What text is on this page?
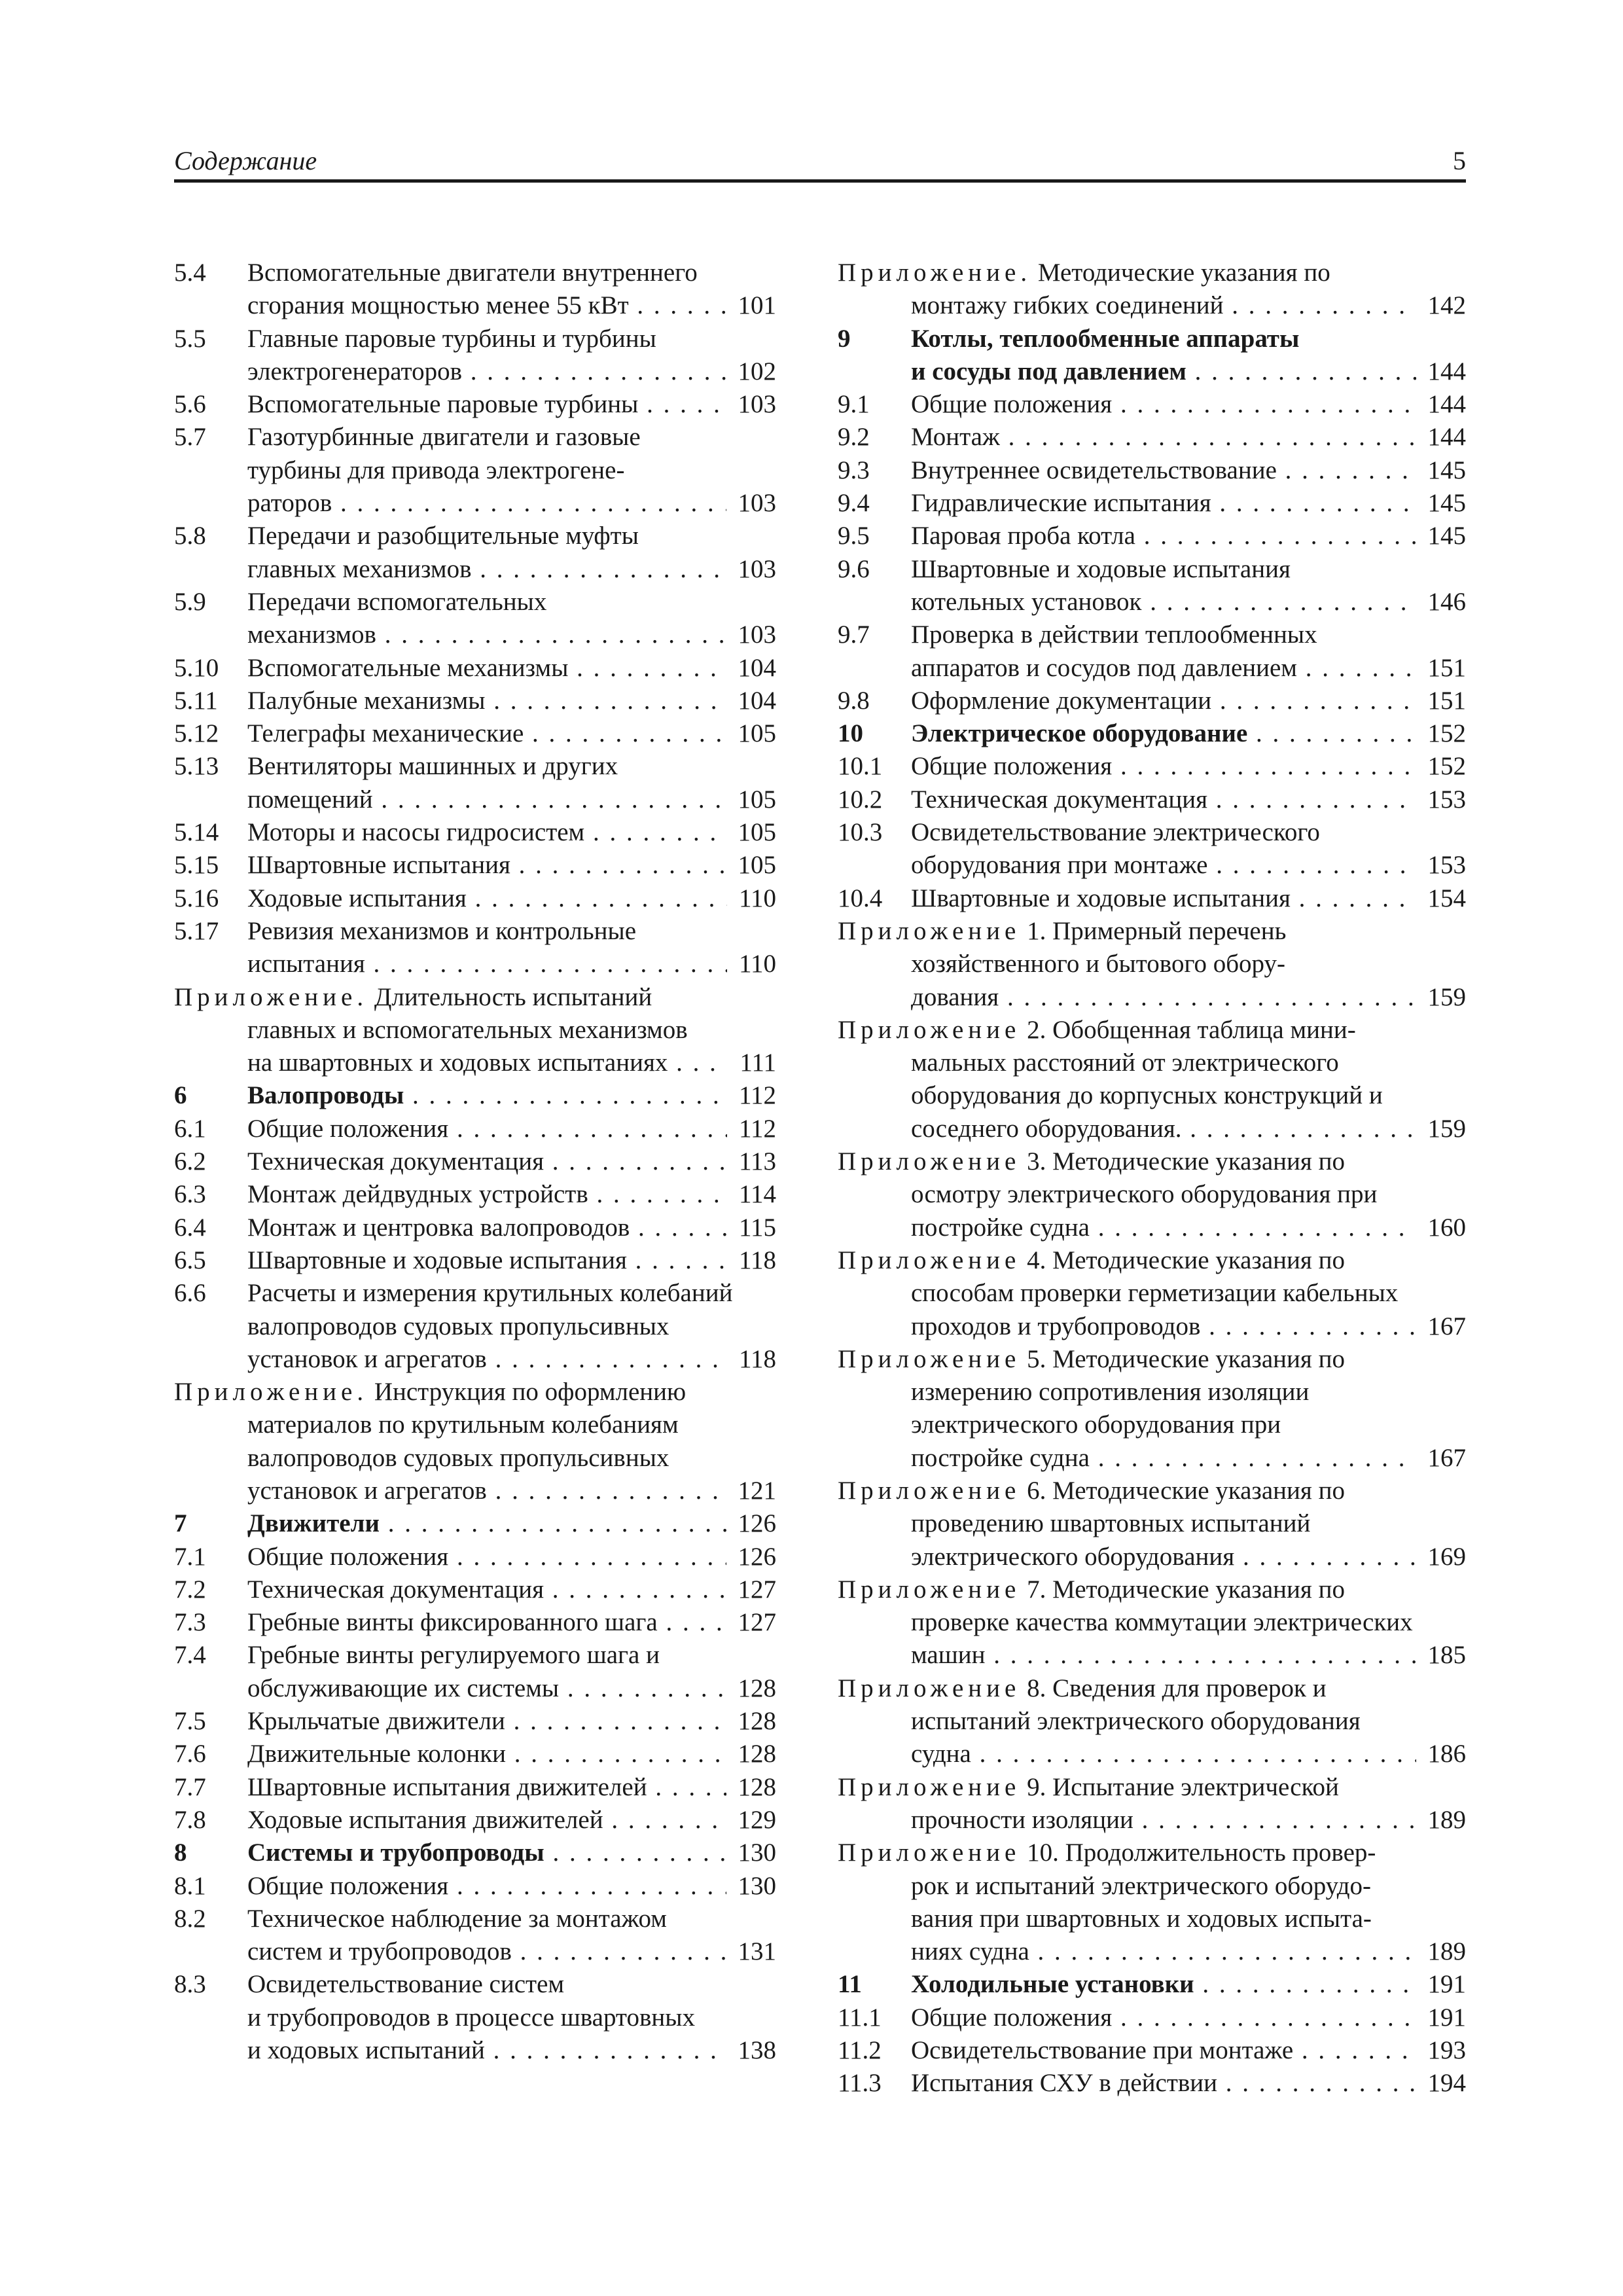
Содержание	5
5.4 Вспомогательные двигатели внутреннего
сгорания мощностью менее 55 кВт . . .	101
5.5 Главные паровые турбины и турбины
электрогенераторов . . .	102
5.6 Вспомогательные паровые турбины . . .	103
5.7 Газотурбинные двигатели и газовые
турбины для привода электрогене-
раторов . . .	103
5.8 Передачи и разобщительные муфты
главных механизмов . . .	103
5.9 Передачи вспомогательных
механизмов . . .	103
5.10 Вспомогательные механизмы . . .	104
5.11 Палубные механизмы . . .	104
5.12 Телеграфы механические . . .	105
5.13 Вентиляторы машинных и других
помещений . . .	105
5.14 Моторы и насосы гидросистем . . .	105
5.15 Швартовные испытания . . .	105
5.16 Ходовые испытания . . .	110
5.17 Ревизия механизмов и контрольные
испытания . . .	110
Приложение. Длительность испытаний
главных и вспомогательных механизмов
на швартовных и ходовых испытаниях . . .	111
6 Валопроводы . . .	112
6.1 Общие положения . . .	112
6.2 Техническая документация . . .	113
6.3 Монтаж дейдвудных устройств . . .	114
6.4 Монтаж и центровка валопроводов . . .	115
6.5 Швартовные и ходовые испытания . . .	118
6.6 Расчеты и измерения крутильных колебаний
валопроводов судовых пропульсивных
установок и агрегатов . . .	118
Приложение. Инструкция по оформлению
материалов по крутильным колебаниям
валопроводов судовых пропульсивных
установок и агрегатов . . .	121
7 Движители . . .	126
7.1 Общие положения . . .	126
7.2 Техническая документация . . .	127
7.3 Гребные винты фиксированного шага . . .	127
7.4 Гребные винты регулируемого шага и
обслуживающие их системы . . .	128
7.5 Крыльчатые движители . . .	128
7.6 Движительные колонки . . .	128
7.7 Швартовные испытания движителей . . .	128
7.8 Ходовые испытания движителей . . .	129
8 Системы и трубопроводы . . .	130
8.1 Общие положения . . .	130
8.2 Техническое наблюдение за монтажом
систем и трубопроводов . . .	131
8.3 Освидетельствование систем
и трубопроводов в процессе швартовных
и ходовых испытаний . . .	138
Приложение. Методические указания по
монтажу гибких соединений . . .	142
9 Котлы, теплообменные аппараты
и сосуды под давлением . . .	144
9.1 Общие положения . . .	144
9.2 Монтаж . . .	144
9.3 Внутреннее освидетельствование . . .	145
9.4 Гидравлические испытания . . .	145
9.5 Паровая проба котла . . .	145
9.6 Швартовные и ходовые испытания
котельных установок . . .	146
9.7 Проверка в действии теплообменных
аппаратов и сосудов под давлением . . .	151
9.8 Оформление документации . . .	151
10 Электрическое оборудование . . .	152
10.1 Общие положения . . .	152
10.2 Техническая документация . . .	153
10.3 Освидетельствование электрического
оборудования при монтаже . . .	153
10.4 Швартовные и ходовые испытания . . .	154
Приложение 1. Примерный перечень
хозяйственного и бытового обору-
дования . . .	159
Приложение 2. Обобщенная таблица мини-
мальных расстояний от электрического
оборудования до корпусных конструкций и
соседнего оборудования. . . .	159
Приложение 3. Методические указания по
осмотру электрического оборудования при
постройке судна . . .	160
Приложение 4. Методические указания по
способам проверки герметизации кабельных
проходов и трубопроводов . . .	167
Приложение 5. Методические указания по
измерению сопротивления изоляции
электрического оборудования при
постройке судна . . .	167
Приложение 6. Методические указания по
проведению швартовных испытаний
электрического оборудования . . .	169
Приложение 7. Методические указания по
проверке качества коммутации электрических
машин . . .	185
Приложение 8. Сведения для проверок и
испытаний электрического оборудования
судна . . .	186
Приложение 9. Испытание электрической
прочности изоляции . . .	189
Приложение 10. Продолжительность провер-
рок и испытаний электрического оборудо-
вания при швартовных и ходовых испыта-
ниях судна . . .	189
11 Холодильные установки . . .	191
11.1 Общие положения . . .	191
11.2 Освидетельствование при монтаже . . .	193
11.3 Испытания СХУ в действии . . .	194
